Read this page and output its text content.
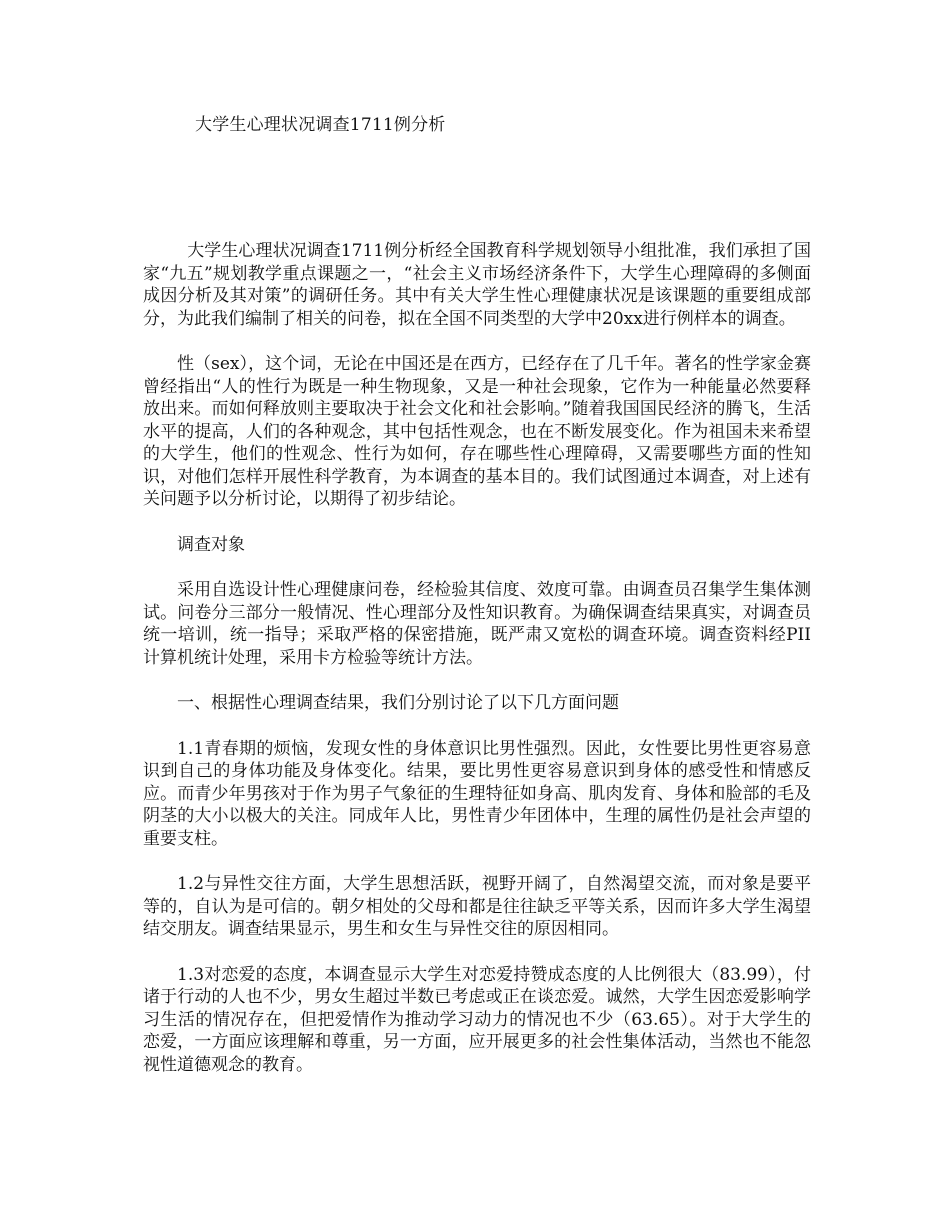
大学生心理状况调查1711例分析

大学生心理状况调查1711例分析经全国教育科学规划领导小组批准，我们承担了国家“九五”规划教学重点课题之一，“社会主义市场经济条件下，大学生心理障碍的多侧面成因分析及其对策”的调研任务。其中有关大学生性心理健康状况是该课题的重要组成部分，为此我们编制了相关的问卷，拟在全国不同类型的大学中20xx进行例样本的调查。

性（sex），这个词，无论在中国还是在西方，已经存在了几千年。著名的性学家金赛曾经指出“人的性行为既是一种生物现象，又是一种社会现象，它作为一种能量必然要释放出来。而如何释放则主要取决于社会文化和社会影响。”随着我国国民经济的腾飞，生活水平的提高，人们的各种观念，其中包括性观念，也在不断发展变化。作为祖国未来希望的大学生，他们的性观念、性行为如何，存在哪些性心理障碍，又需要哪些方面的性知识，对他们怎样开展性科学教育，为本调查的基本目的。我们试图通过本调查，对上述有关问题予以分析讨论，以期得了初步结论。

调查对象

采用自选设计性心理健康问卷，经检验其信度、效度可靠。由调查员召集学生集体测试。问卷分三部分一般情况、性心理部分及性知识教育。为确保调查结果真实，对调查员统一培训，统一指导；采取严格的保密措施，既严肃又宽松的调查环境。调查资料经PII计算机统计处理，采用卡方检验等统计方法。

一、根据性心理调查结果，我们分别讨论了以下几方面问题

1.1青春期的烦恼，发现女性的身体意识比男性强烈。因此，女性要比男性更容易意识到自己的身体功能及身体变化。结果，要比男性更容易意识到身体的感受性和情感反应。而青少年男孩对于作为男子气象征的生理特征如身高、肌肉发育、身体和脸部的毛及阴茎的大小以极大的关注。同成年人比，男性青少年团体中，生理的属性仍是社会声望的重要支柱。

1.2与异性交往方面，大学生思想活跃，视野开阔了，自然渴望交流，而对象是要平等的，自认为是可信的。朝夕相处的父母和都是往往缺乏平等关系，因而许多大学生渴望结交朋友。调查结果显示，男生和女生与异性交往的原因相同。

1.3对恋爱的态度，本调查显示大学生对恋爱持赞成态度的人比例很大（83.99），付诸于行动的人也不少，男女生超过半数已考虑或正在谈恋爱。诚然，大学生因恋爱影响学习生活的情况存在，但把爱情作为推动学习动力的情况也不少（63.65）。对于大学生的恋爱，一方面应该理解和尊重，另一方面，应开展更多的社会性集体活动，当然也不能忽视性道德观念的教育。
